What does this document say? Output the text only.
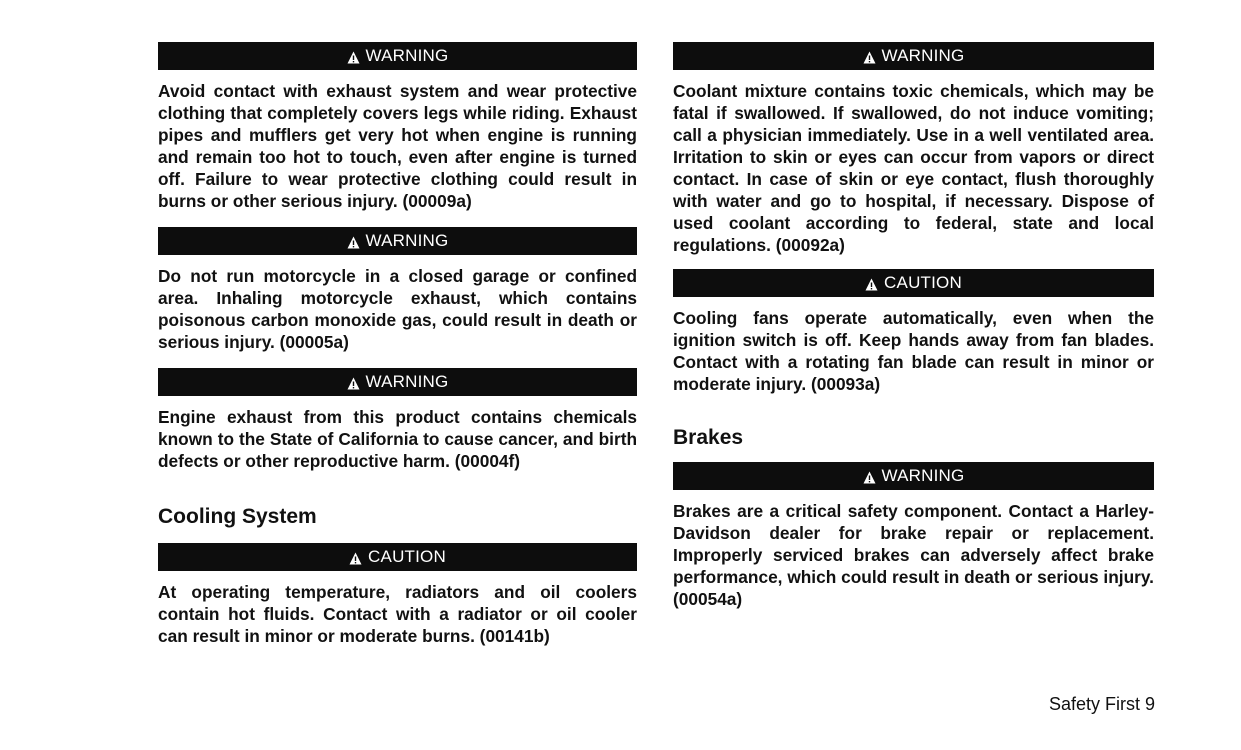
WARNING

Avoid contact with exhaust system and wear protective clothing that completely covers legs while riding. Exhaust pipes and mufflers get very hot when engine is running and remain too hot to touch, even after engine is turned off. Failure to wear protective clothing could result in burns or other serious injury. (00009a)

WARNING

Do not run motorcycle in a closed garage or confined area. Inhaling motorcycle exhaust, which contains poisonous carbon monoxide gas, could result in death or serious injury. (00005a)

WARNING

Engine exhaust from this product contains chemicals known to the State of California to cause cancer, and birth defects or other reproductive harm. (00004f)

Cooling System
CAUTION

At operating temperature, radiators and oil coolers contain hot fluids. Contact with a radiator or oil cooler can result in minor or moderate burns. (00141b)

WARNING

Coolant mixture contains toxic chemicals, which may be fatal if swallowed. If swallowed, do not induce vomiting; call a physician immediately. Use in a well ventilated area. Irritation to skin or eyes can occur from vapors or direct contact. In case of skin or eye contact, flush thoroughly with water and go to hospital, if necessary. Dispose of used coolant according to federal, state and local regulations. (00092a)

CAUTION

Cooling fans operate automatically, even when the ignition switch is off. Keep hands away from fan blades. Contact with a rotating fan blade can result in minor or moderate injury. (00093a)

Brakes
WARNING

Brakes are a critical safety component. Contact a Harley-Davidson dealer for brake repair or replacement. Improperly serviced brakes can adversely affect brake performance, which could result in death or serious injury. (00054a)

Safety First 9
